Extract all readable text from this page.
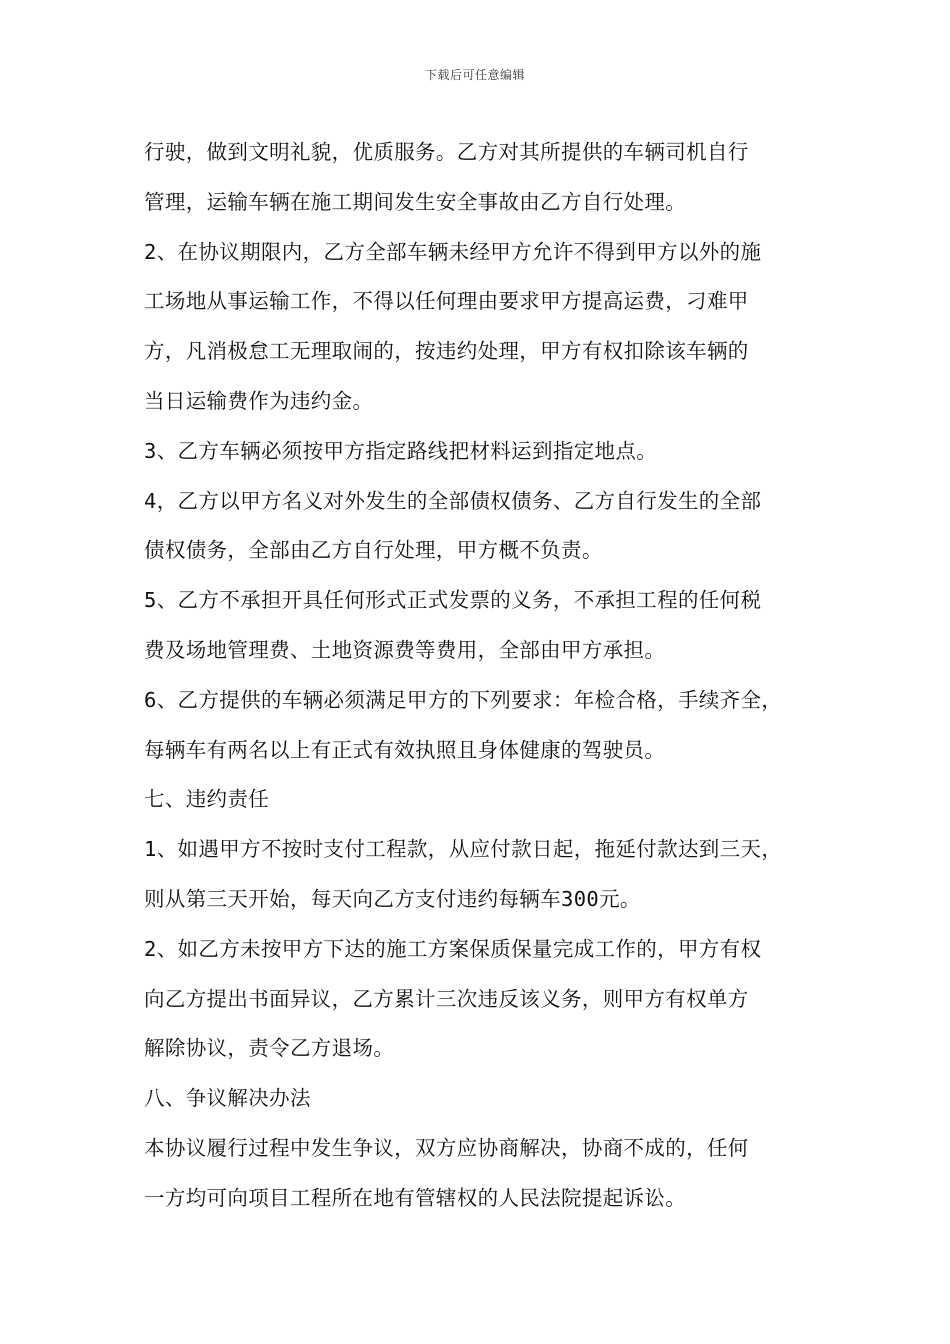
下载后可任意编辑
行驶，做到文明礼貌，优质服务。乙方对其所提供的车辆司机自行
管理，运输车辆在施工期间发生安全事故由乙方自行处理。
2、在协议期限内，乙方全部车辆未经甲方允许不得到甲方以外的施
工场地从事运输工作，不得以任何理由要求甲方提高运费，刁难甲
方，凡消极怠工无理取闹的，按违约处理，甲方有权扣除该车辆的
当日运输费作为违约金。
3、乙方车辆必须按甲方指定路线把材料运到指定地点。
4，乙方以甲方名义对外发生的全部债权债务、乙方自行发生的全部
债权债务，全部由乙方自行处理，甲方概不负责。
5、乙方不承担开具任何形式正式发票的义务，不承担工程的任何税
费及场地管理费、土地资源费等费用，全部由甲方承担。
6、乙方提供的车辆必须满足甲方的下列要求：年检合格，手续齐全，
每辆车有两名以上有正式有效执照且身体健康的驾驶员。
七、违约责任
1、如遇甲方不按时支付工程款，从应付款日起，拖延付款达到三天，
则从第三天开始，每天向乙方支付违约每辆车300元。
2、如乙方未按甲方下达的施工方案保质保量完成工作的，甲方有权
向乙方提出书面异议，乙方累计三次违反该义务，则甲方有权单方
解除协议，责令乙方退场。
八、争议解决办法
本协议履行过程中发生争议，双方应协商解决，协商不成的，任何
一方均可向项目工程所在地有管辖权的人民法院提起诉讼。
